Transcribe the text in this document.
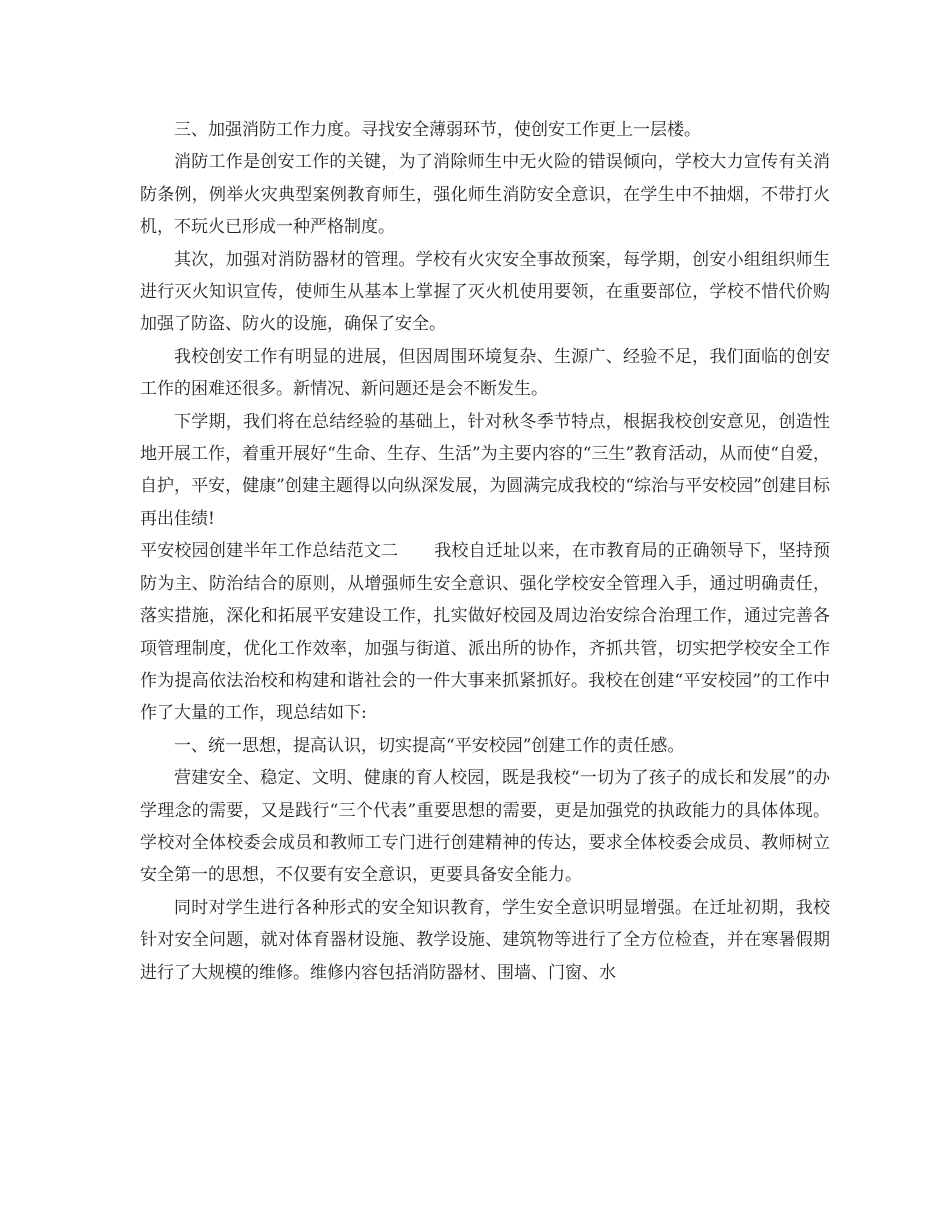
三、加强消防工作力度。寻找安全薄弱环节，使创安工作更上一层楼。

消防工作是创安工作的关键，为了消除师生中无火险的错误倾向，学校大力宣传有关消防条例，例举火灾典型案例教育师生，强化师生消防安全意识，在学生中不抽烟，不带打火机，不玩火已形成一种严格制度。

其次，加强对消防器材的管理。学校有火灾安全事故预案，每学期，创安小组组织师生进行灭火知识宣传，使师生从基本上掌握了灭火机使用要领，在重要部位，学校不惜代价购加强了防盗、防火的设施，确保了安全。

我校创安工作有明显的进展，但因周围环境复杂、生源广、经验不足，我们面临的创安工作的困难还很多。新情况、新问题还是会不断发生。

下学期，我们将在总结经验的基础上，针对秋冬季节特点，根据我校创安意见，创造性地开展工作，着重开展好“生命、生存、生活”为主要内容的“三生”教育活动，从而使“自爱，自护，平安，健康”创建主题得以向纵深发展，为圆满完成我校的“综治与平安校园”创建目标再出佳绩!

平安校园创建半年工作总结范文二 我校自迁址以来，在市教育局的正确领导下，坚持预防为主、防治结合的原则，从增强师生安全意识、强化学校安全管理入手，通过明确责任，落实措施，深化和拓展平安建设工作，扎实做好校园及周边治安综合治理工作，通过完善各项管理制度，优化工作效率，加强与街道、派出所的协作，齐抓共管，切实把学校安全工作作为提高依法治校和构建和谐社会的一件大事来抓紧抓好。我校在创建“平安校园”的工作中作了大量的工作，现总结如下:

一、统一思想，提高认识，切实提高“平安校园”创建工作的责任感。

营建安全、稳定、文明、健康的育人校园，既是我校“一切为了孩子的成长和发展”的办学理念的需要，又是践行“三个代表”重要思想的需要，更是加强党的执政能力的具体体现。学校对全体校委会成员和教师工专门进行创建精神的传达，要求全体校委会成员、教师树立安全第一的思想，不仅要有安全意识，更要具备安全能力。

同时对学生进行各种形式的安全知识教育，学生安全意识明显增强。在迁址初期，我校针对安全问题，就对体育器材设施、教学设施、建筑物等进行了全方位检查，并在寒暑假期进行了大规模的维修。维修内容包括消防器材、围墙、门窗、水
